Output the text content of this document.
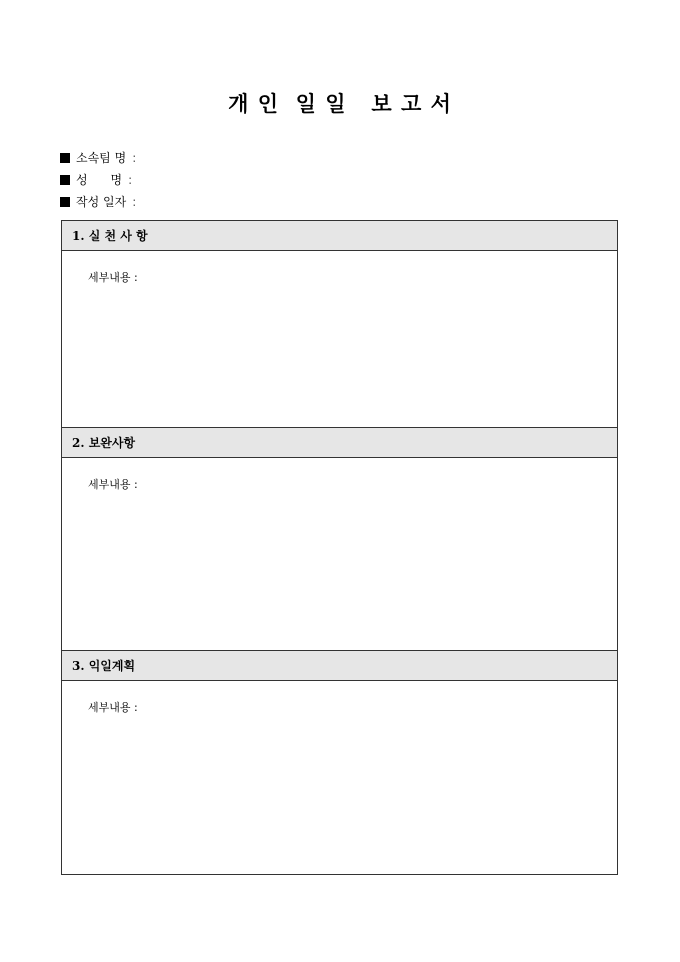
개 인  일 일   보 고 서
소속팀 명 :
성      명 :
작성 일자 :
1. 실 천 사 항

세부내용 :

2. 보완사항

세부내용 :

3. 익일계획

세부내용 :
